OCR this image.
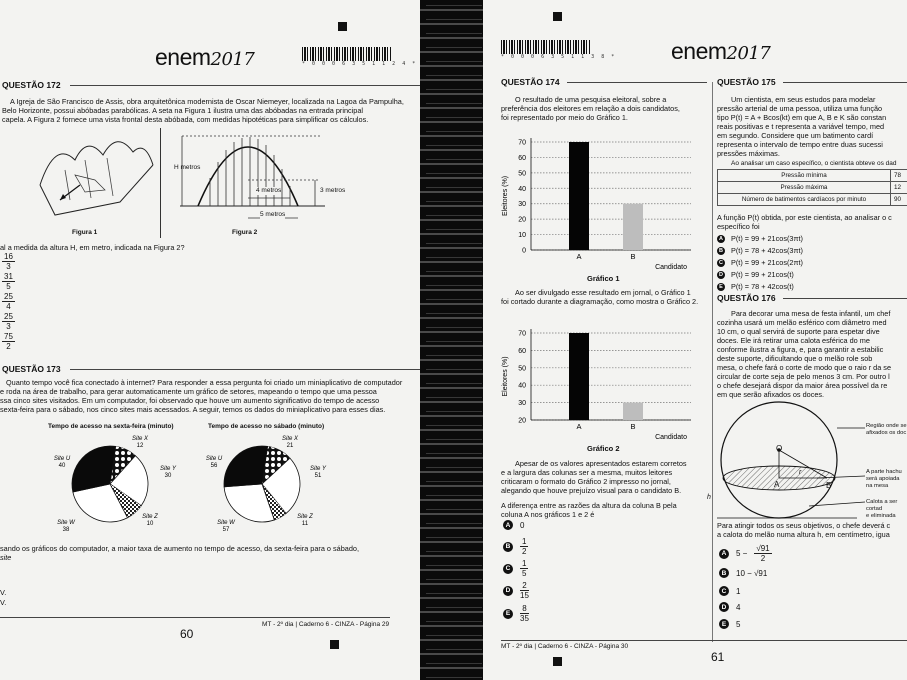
enem2017	* 0 0 0 6 3 5 1 1 2 4 *
QUESTÃO 172
A Igreja de São Francisco de Assis, obra arquitetônica modernista de Oscar Niemeyer, localizada na Lagoa da Pampulha,
Belo Horizonte, possui abóbadas parabólicas. A seta na Figura 1 ilustra uma das abóbadas na entrada principal
capela. A Figura 2 fornece uma vista frontal desta abóbada, com medidas hipotéticas para simplificar os cálculos.
Figura 1
H metros
4 metros	3 metros
5 metros
Figura 2
al a medida da altura H, em metro, indicada na Figura 2?
$\frac{16}{3}$
$\frac{31}{5}$
$\frac{25}{4}$
$\frac{25}{3}$
$\frac{75}{2}$
QUESTÃO 173
Quanto tempo você fica conectado à internet? Para responder a essa pergunta foi criado um miniaplicativo de computador
e roda na área de trabalho, para gerar automaticamente um gráfico de setores, mapeando o tempo que uma pessoa
ssa cinco sites visitados. Em um computador, foi observado que houve um aumento significativo do tempo de acesso
sexta-feira para o sábado, nos cinco sites mais acessados. A seguir, temos os dados do miniaplicativo para esses dias.
Tempo de acesso na sexta-feira (minuto)	Tempo de acesso no sábado (minuto)
Site X
12
Site Y
30
Site Z
10
Site W
38
Site U
40
Site X
21
Site Y
51
Site Z
11
Site W
57
Site U
56
sando os gráficos do computador, a maior taxa de aumento no tempo de acesso, da sexta-feira para o sábado,
site
V.
V.
MT - 2º dia | Caderno 6 - CINZA - Página 29
60
* 0 0 0 6 3 5 1 1 3 8 * enem2017
QUESTÃO 174
O resultado de uma pesquisa eleitoral, sobre a
preferência dos eleitores em relação a dois candidatos,
foi representado por meio do Gráfico 1.
0
10
20
30
40
50
60
70
A	B
Candidato
Eleitores (%)
Gráfico 1
Ao ser divulgado esse resultado em jornal, o Gráfico 1
foi cortado durante a diagramação, como mostra o Gráfico 2.
20
30
40
50
60
70
A	B
Candidato
Eleitores (%)
Gráfico 2
Apesar de os valores apresentados estarem corretos
e a largura das colunas ser a mesma, muitos leitores
criticaram o formato do Gráfico 2 impresso no jornal,
alegando que houve prejuízo visual para o candidato B.
A diferença entre as razões da altura da coluna B pela
coluna A nos gráficos 1 e 2 é
A	0
B	$\frac{1}{2}$
C	$\frac{1}{5}$
D	$\frac{2}{15}$
E	$\frac{8}{35}$
QUESTÃO 175
Um cientista, em seus estudos para modelar
pressão arterial de uma pessoa, utiliza uma função
tipo P(t) = A + Bcos(kt) em que A, B e K são constan
reais positivas e t representa a variável tempo, med
em segundo. Considere que um batimento cardí
representa o intervalo de tempo entre duas sucessi
pressões máximas.
Ao analisar um caso específico, o cientista obteve os dad
Pressão mínima	78
Pressão máxima	12
Número de batimentos cardíacos por minuto	90
A função P(t) obtida, por este cientista, ao analisar o c
específico foi
A P(t) = 99 + 21cos(3πt)
B P(t) = 78 + 42cos(3πt)
C P(t) = 99 + 21cos(2πt)
D P(t) = 99 + 21cos(t)
E P(t) = 78 + 42cos(t)
QUESTÃO 176
Para decorar uma mesa de festa infantil, um chef
cozinha usará um melão esférico com diâmetro med
10 cm, o qual servirá de suporte para espetar dive
doces. Ele irá retirar uma calota esférica do me
conforme ilustra a figura, e, para garantir a estabilic
deste suporte, dificultando que o melão role sob
mesa, o chefe fará o corte de modo que o raio r da se
circular de corte seja de pelo menos 3 cm. Por outro l
o chefe desejará dispor da maior área possível da re
em que serão afixados os doces.
O
A	B
r
h
Região onde se
afixados os doc
A parte hachu
será apoiada
na mesa
Calota a ser cortad
e eliminada
Para atingir todos os seus objetivos, o chefe deverá c
a calota do melão numa altura h, em centímetro, igua
A	$5 - \frac{√91}{2}$
B	10 − √91
C	1
D	4
E	5
MT - 2º dia | Caderno 6 - CINZA - Página 30
61
